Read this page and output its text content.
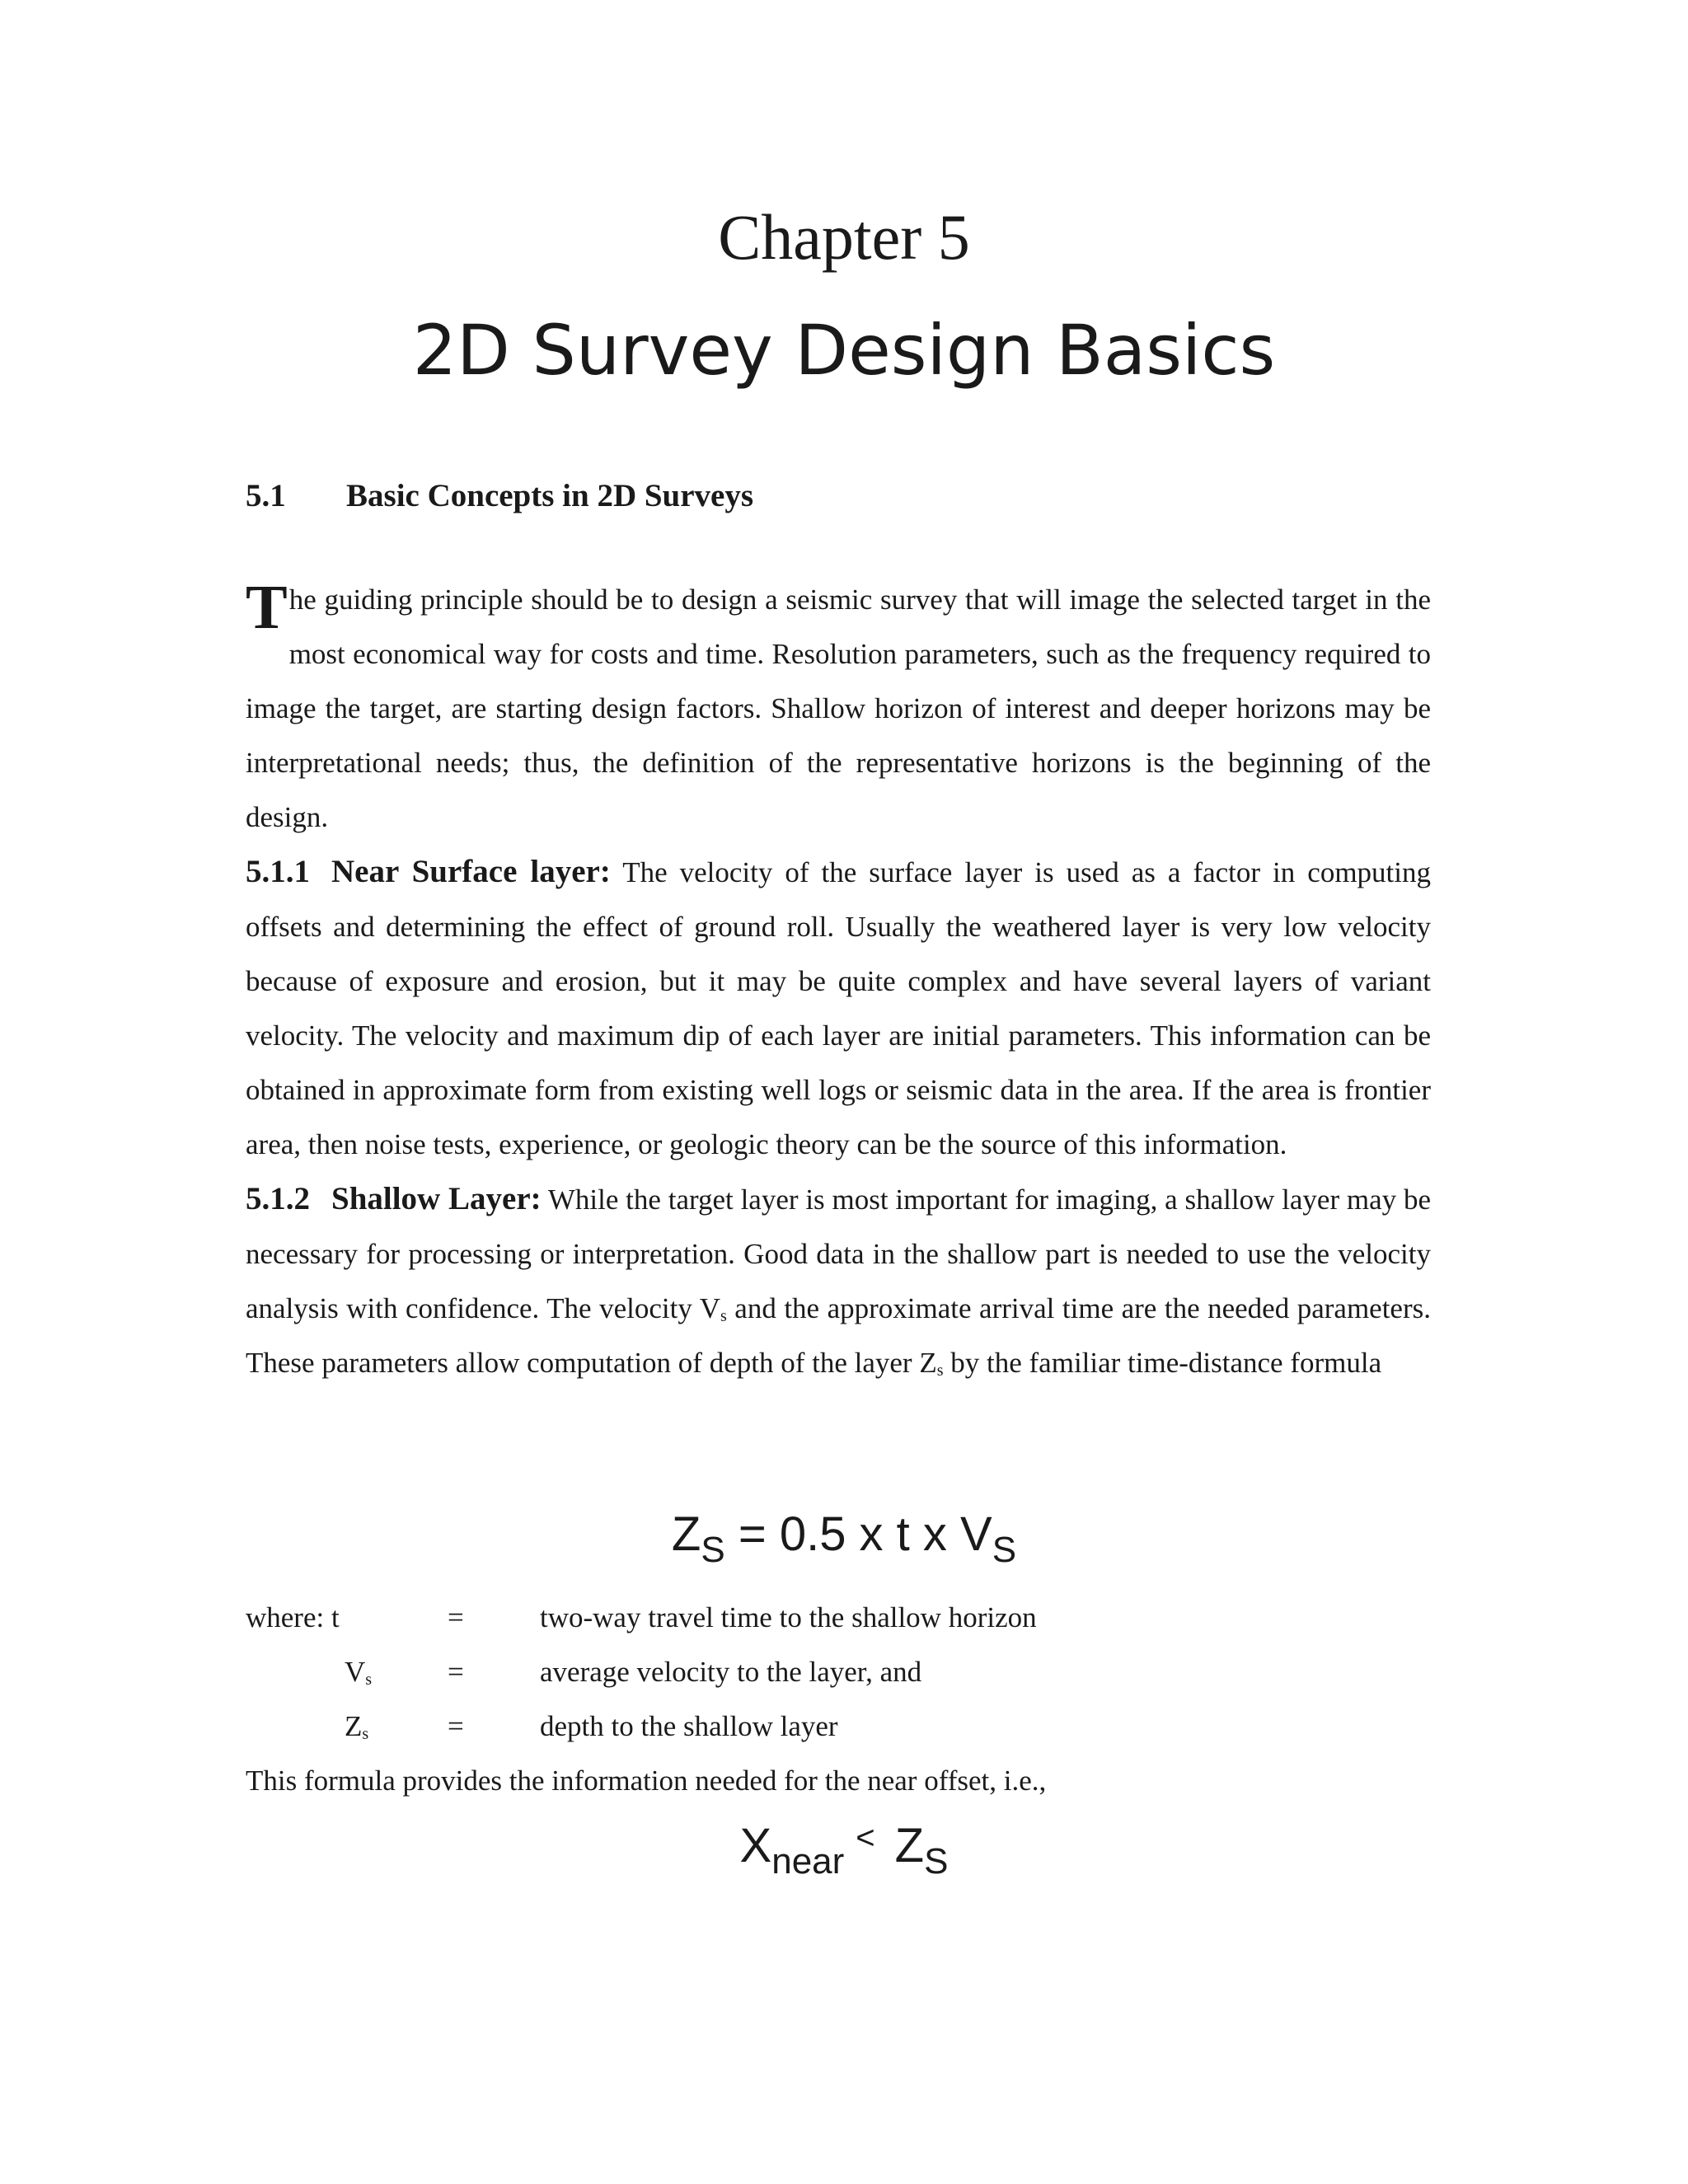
Chapter 5
2D Survey Design Basics
5.1 Basic Concepts in 2D Surveys

The guiding principle should be to design a seismic survey that will image the selected target in the most economical way for costs and time. Resolution parameters, such as the frequency required to image the target, are starting design factors. Shallow horizon of interest and deeper horizons may be interpretational needs; thus, the definition of the representative horizons is the beginning of the design.

5.1.1 Near Surface layer: The velocity of the surface layer is used as a factor in computing offsets and determining the effect of ground roll. Usually the weathered layer is very low velocity because of exposure and erosion, but it may be quite complex and have several layers of variant velocity. The velocity and maximum dip of each layer are initial parameters. This information can be obtained in approximate form from existing well logs or seismic data in the area. If the area is frontier area, then noise tests, experience, or geologic theory can be the source of this information.

5.1.2 Shallow Layer: While the target layer is most important for imaging, a shallow layer may be necessary for processing or interpretation. Good data in the shallow part is needed to use the velocity analysis with confidence. The velocity $V_s$ and the approximate arrival time are the needed parameters. These parameters allow computation of depth of the layer $Z_s$ by the familiar time-distance formula

$Z_S = 0.5$ x t x $V_S$
where: t	=	two-way travel time to the shallow horizon
$V_s$	=	average velocity to the layer, and
$Z_s$	=	depth to the shallow layer
This formula provides the information needed for the near offset, i.e.,
$X_{near}^<$ $Z_S$
